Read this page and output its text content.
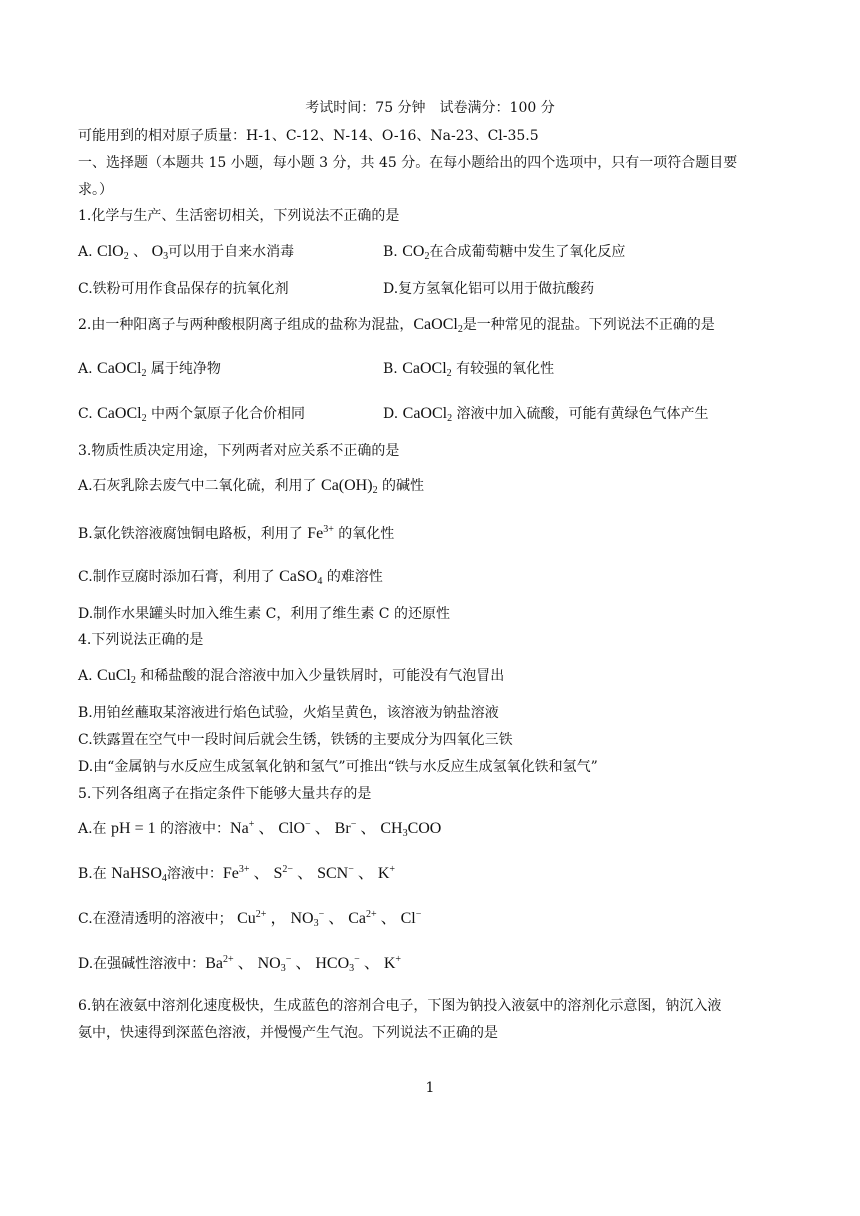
考试时间：75 分钟　试卷满分：100 分
可能用到的相对原子质量：H-1、C-12、N-14、O-16、Na-23、Cl-35.5
一、选择题（本题共 15 小题，每小题 3 分，共 45 分。在每小题给出的四个选项中，只有一项符合题目要
求。）
1.化学与生产、生活密切相关，下列说法不正确的是
A. ClO$_2$ 、 $O_3$可以用于自来水消毒	B. $CO_2$在合成葡萄糖中发生了氧化反应
C.铁粉可用作食品保存的抗氧化剂	D.复方氢氧化铝可以用于做抗酸药
2.由一种阳离子与两种酸根阴离子组成的盐称为混盐，CaOCl$_2$是一种常见的混盐。下列说法不正确的是
A. CaOCl$_2$ 属于纯净物	B. CaOCl$_2$ 有较强的氧化性
C. CaOCl$_2$ 中两个氯原子化合价相同	D. CaOCl$_2$ 溶液中加入硫酸，可能有黄绿色气体产生
3.物质性质决定用途，下列两者对应关系不正确的是
A.石灰乳除去废气中二氧化硫，利用了 $Ca(OH)_2$ 的碱性
B.氯化铁溶液腐蚀铜电路板，利用了 $Fe^{3+}$ 的氧化性
C.制作豆腐时添加石膏，利用了 CaSO$_4$ 的难溶性
D.制作水果罐头时加入维生素 C，利用了维生素 C 的还原性
4.下列说法正确的是
A. CuCl$_2$ 和稀盐酸的混合溶液中加入少量铁屑时，可能没有气泡冒出
B.用铂丝蘸取某溶液进行焰色试验，火焰呈黄色，该溶液为钠盐溶液
C.铁露置在空气中一段时间后就会生锈，铁锈的主要成分为四氧化三铁
D.由“金属钠与水反应生成氢氧化钠和氢气”可推出“铁与水反应生成氢氧化铁和氢气”
5.下列各组离子在指定条件下能够大量共存的是
A.在 pH = 1 的溶液中：Na+ 、 ClO− 、 Br− 、 $CH_3COO$
B.在 NaHSO$_4$溶液中：$Fe^{3+}$ 、 $S^{2-}$ 、 SCN− 、 K+
C.在澄清透明的溶液中； $Cu^{2+}$ ， $NO_3^-$ 、 $Ca^{2+}$ 、 Cl−
D.在强碱性溶液中：$Ba^{2+}$ 、 $NO_3^-$ 、 $HCO_3^-$ 、 K+
6.钠在液氨中溶剂化速度极快，生成蓝色的溶剂合电子，下图为钠投入液氨中的溶剂化示意图，钠沉入液
氨中，快速得到深蓝色溶液，并慢慢产生气泡。下列说法不正确的是
1
